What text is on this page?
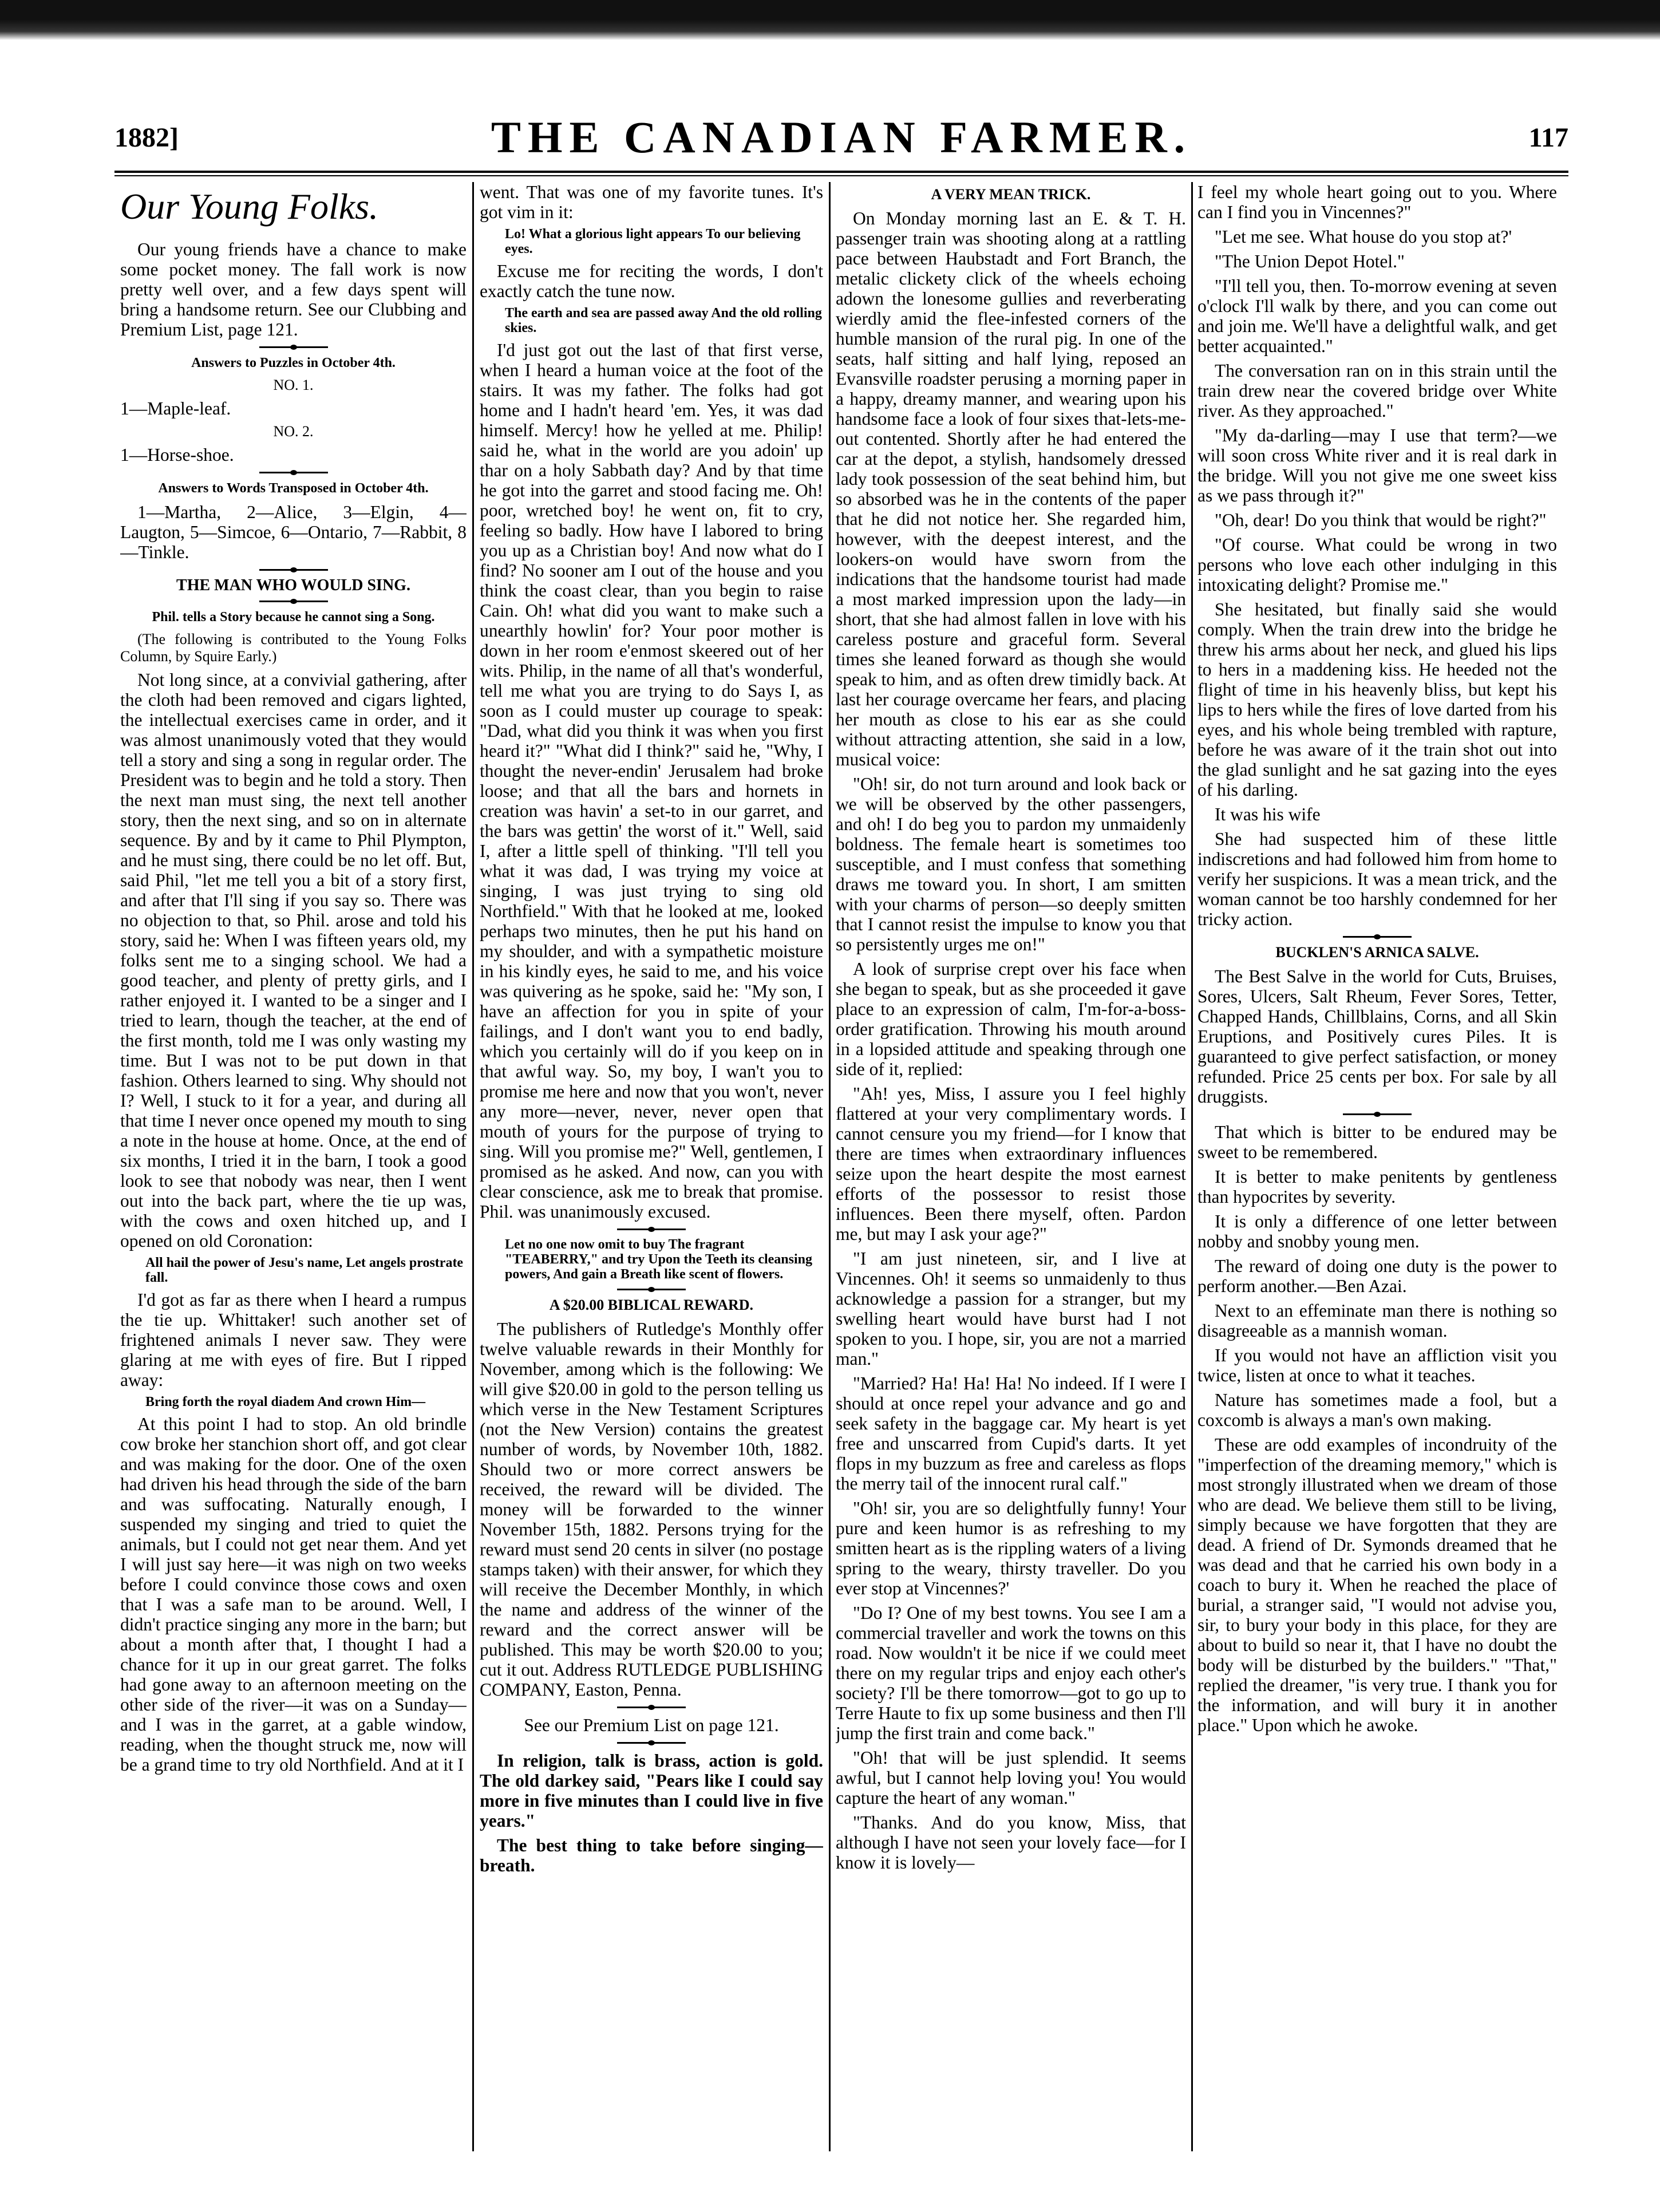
1882]	THE CANADIAN FARMER.	117
Our Young Folks.

Our young friends have a chance to make some pocket money. The fall work is now pretty well over, and a few days spent will bring a handsome return. See our Clubbing and Premium List, page 121.

Answers to Puzzles in October 4th.

NO. 1.

1—Maple-leaf.

NO. 2.

1—Horse-shoe.

Answers to Words Transposed in October 4th.

1—Martha, 2—Alice, 3—Elgin, 4—Laugton, 5—Simcoe, 6—Ontario, 7—Rabbit, 8—Tinkle.

THE MAN WHO WOULD SING.
Phil. tells a Story because he cannot sing a Song.

(The following is contributed to the Young Folks Column, by Squire Early.)

Not long since, at a convivial gathering, after the cloth had been removed and cigars lighted, the intellectual exercises came in order, and it was almost unanimously voted that they would tell a story and sing a song in regular order. The President was to begin and he told a story. Then the next man must sing, the next tell another story, then the next sing, and so on in alternate sequence. By and by it came to Phil Plympton, and he must sing, there could be no let off. But, said Phil, "let me tell you a bit of a story first, and after that I'll sing if you say so. There was no objection to that, so Phil. arose and told his story, said he: When I was fifteen years old, my folks sent me to a singing school. We had a good teacher, and plenty of pretty girls, and I rather enjoyed it. I wanted to be a singer and I tried to learn, though the teacher, at the end of the first month, told me I was only wasting my time. But I was not to be put down in that fashion. Others learned to sing. Why should not I? Well, I stuck to it for a year, and during all that time I never once opened my mouth to sing a note in the house at home. Once, at the end of six months, I tried it in the barn, I took a good look to see that nobody was near, then I went out into the back part, where the tie up was, with the cows and oxen hitched up, and I opened on old Coronation:

All hail the power of Jesu's name, Let angels prostrate fall.

I'd got as far as there when I heard a rumpus the tie up. Whittaker! such another set of frightened animals I never saw. They were glaring at me with eyes of fire. But I ripped away:

Bring forth the royal diadem And crown Him—

At this point I had to stop. An old brindle cow broke her stanchion short off, and got clear and was making for the door. One of the oxen had driven his head through the side of the barn and was suffocating. Naturally enough, I suspended my singing and tried to quiet the animals, but I could not get near them. And yet I will just say here—it was nigh on two weeks before I could convince those cows and oxen that I was a safe man to be around. Well, I didn't practice singing any more in the barn; but about a month after that, I thought I had a chance for it up in our great garret. The folks had gone away to an afternoon meeting on the other side of the river—it was on a Sunday—and I was in the garret, at a gable window, reading, when the thought struck me, now will be a grand time to try old Northfield. And at it I

went. That was one of my favorite tunes. It's got vim in it:

Lo! What a glorious light appears To our believing eyes.

Excuse me for reciting the words, I don't exactly catch the tune now.

The earth and sea are passed away And the old rolling skies.

I'd just got out the last of that first verse, when I heard a human voice at the foot of the stairs. It was my father. The folks had got home and I hadn't heard 'em. Yes, it was dad himself. Mercy! how he yelled at me. Philip! said he, what in the world are you adoin' up thar on a holy Sabbath day? And by that time he got into the garret and stood facing me. Oh! poor, wretched boy! he went on, fit to cry, feeling so badly. How have I labored to bring you up as a Christian boy! And now what do I find? No sooner am I out of the house and you think the coast clear, than you begin to raise Cain. Oh! what did you want to make such a unearthly howlin' for? Your poor mother is down in her room e'enmost skeered out of her wits. Philip, in the name of all that's wonderful, tell me what you are trying to do Says I, as soon as I could muster up courage to speak: "Dad, what did you think it was when you first heard it?" "What did I think?" said he, "Why, I thought the never-endin' Jerusalem had broke loose; and that all the bars and hornets in creation was havin' a set-to in our garret, and the bars was gettin' the worst of it." Well, said I, after a little spell of thinking. "I'll tell you what it was dad, I was trying my voice at singing, I was just trying to sing old Northfield." With that he looked at me, looked perhaps two minutes, then he put his hand on my shoulder, and with a sympathetic moisture in his kindly eyes, he said to me, and his voice was quivering as he spoke, said he: "My son, I have an affection for you in spite of your failings, and I don't want you to end badly, which you certainly will do if you keep on in that awful way. So, my boy, I wan't you to promise me here and now that you won't, never any more—never, never, never open that mouth of yours for the purpose of trying to sing. Will you promise me?" Well, gentlemen, I promised as he asked. And now, can you with clear conscience, ask me to break that promise. Phil. was unanimously excused.

Let no one now omit to buy The fragrant "TEABERRY," and try Upon the Teeth its cleansing powers, And gain a Breath like scent of flowers.

A $20.00 BIBLICAL REWARD.

The publishers of Rutledge's Monthly offer twelve valuable rewards in their Monthly for November, among which is the following: We will give $20.00 in gold to the person telling us which verse in the New Testament Scriptures (not the New Version) contains the greatest number of words, by November 10th, 1882. Should two or more correct answers be received, the reward will be divided. The money will be forwarded to the winner November 15th, 1882. Persons trying for the reward must send 20 cents in silver (no postage stamps taken) with their answer, for which they will receive the December Monthly, in which the name and address of the winner of the reward and the correct answer will be published. This may be worth $20.00 to you; cut it out. Address RUTLEDGE PUBLISHING COMPANY, Easton, Penna.

See our Premium List on page 121.

In religion, talk is brass, action is gold. The old darkey said, "Pears like I could say more in five minutes than I could live in five years."

The best thing to take before singing—breath.

A VERY MEAN TRICK.

On Monday morning last an E. & T. H. passenger train was shooting along at a rattling pace between Haubstadt and Fort Branch, the metalic clickety click of the wheels echoing adown the lonesome gullies and reverberating wierdly amid the flee-infested corners of the humble mansion of the rural pig. In one of the seats, half sitting and half lying, reposed an Evansville roadster perusing a morning paper in a happy, dreamy manner, and wearing upon his handsome face a look of four sixes that-lets-me-out contented. Shortly after he had entered the car at the depot, a stylish, handsomely dressed lady took possession of the seat behind him, but so absorbed was he in the contents of the paper that he did not notice her. She regarded him, however, with the deepest interest, and the lookers-on would have sworn from the indications that the handsome tourist had made a most marked impression upon the lady—in short, that she had almost fallen in love with his careless posture and graceful form. Several times she leaned forward as though she would speak to him, and as often drew timidly back. At last her courage overcame her fears, and placing her mouth as close to his ear as she could without attracting attention, she said in a low, musical voice:

"Oh! sir, do not turn around and look back or we will be observed by the other passengers, and oh! I do beg you to pardon my unmaidenly boldness. The female heart is sometimes too susceptible, and I must confess that something draws me toward you. In short, I am smitten with your charms of person—so deeply smitten that I cannot resist the impulse to know you that so persistently urges me on!"

A look of surprise crept over his face when she began to speak, but as she proceeded it gave place to an expression of calm, I'm-for-a-boss-order gratification. Throwing his mouth around in a lopsided attitude and speaking through one side of it, replied:

"Ah! yes, Miss, I assure you I feel highly flattered at your very complimentary words. I cannot censure you my friend—for I know that there are times when extraordinary influences seize upon the heart despite the most earnest efforts of the possessor to resist those influences. Been there myself, often. Pardon me, but may I ask your age?"

"I am just nineteen, sir, and I live at Vincennes. Oh! it seems so unmaidenly to thus acknowledge a passion for a stranger, but my swelling heart would have burst had I not spoken to you. I hope, sir, you are not a married man."

"Married? Ha! Ha! Ha! No indeed. If I were I should at once repel your advance and go and seek safety in the baggage car. My heart is yet free and unscarred from Cupid's darts. It yet flops in my buzzum as free and careless as flops the merry tail of the innocent rural calf."

"Oh! sir, you are so delightfully funny! Your pure and keen humor is as refreshing to my smitten heart as is the rippling waters of a living spring to the weary, thirsty traveller. Do you ever stop at Vincennes?'

"Do I? One of my best towns. You see I am a commercial traveller and work the towns on this road. Now wouldn't it be nice if we could meet there on my regular trips and enjoy each other's society? I'll be there tomorrow—got to go up to Terre Haute to fix up some business and then I'll jump the first train and come back."

"Oh! that will be just splendid. It seems awful, but I cannot help loving you! You would capture the heart of any woman."

"Thanks. And do you know, Miss, that although I have not seen your lovely face—for I know it is lovely—

I feel my whole heart going out to you. Where can I find you in Vincennes?"

"Let me see. What house do you stop at?'

"The Union Depot Hotel."

"I'll tell you, then. To-morrow evening at seven o'clock I'll walk by there, and you can come out and join me. We'll have a delightful walk, and get better acquainted."

The conversation ran on in this strain until the train drew near the covered bridge over White river. As they approached."

"My da-darling—may I use that term?—we will soon cross White river and it is real dark in the bridge. Will you not give me one sweet kiss as we pass through it?"

"Oh, dear! Do you think that would be right?"

"Of course. What could be wrong in two persons who love each other indulging in this intoxicating delight? Promise me."

She hesitated, but finally said she would comply. When the train drew into the bridge he threw his arms about her neck, and glued his lips to hers in a maddening kiss. He heeded not the flight of time in his heavenly bliss, but kept his lips to hers while the fires of love darted from his eyes, and his whole being trembled with rapture, before he was aware of it the train shot out into the glad sunlight and he sat gazing into the eyes of his darling.

It was his wife

She had suspected him of these little indiscretions and had followed him from home to verify her suspicions. It was a mean trick, and the woman cannot be too harshly condemned for her tricky action.

BUCKLEN'S ARNICA SALVE.

The Best Salve in the world for Cuts, Bruises, Sores, Ulcers, Salt Rheum, Fever Sores, Tetter, Chapped Hands, Chillblains, Corns, and all Skin Eruptions, and Positively cures Piles. It is guaranteed to give perfect satisfaction, or money refunded. Price 25 cents per box. For sale by all druggists.

That which is bitter to be endured may be sweet to be remembered.

It is better to make penitents by gentleness than hypocrites by severity.

It is only a difference of one letter between nobby and snobby young men.

The reward of doing one duty is the power to perform another.—Ben Azai.

Next to an effeminate man there is nothing so disagreeable as a mannish woman.

If you would not have an affliction visit you twice, listen at once to what it teaches.

Nature has sometimes made a fool, but a coxcomb is always a man's own making.

These are odd examples of incondruity of the "imperfection of the dreaming memory," which is most strongly illustrated when we dream of those who are dead. We believe them still to be living, simply because we have forgotten that they are dead. A friend of Dr. Symonds dreamed that he was dead and that he carried his own body in a coach to bury it. When he reached the place of burial, a stranger said, "I would not advise you, sir, to bury your body in this place, for they are about to build so near it, that I have no doubt the body will be disturbed by the builders." "That," replied the dreamer, "is very true. I thank you for the information, and will bury it in another place." Upon which he awoke.
